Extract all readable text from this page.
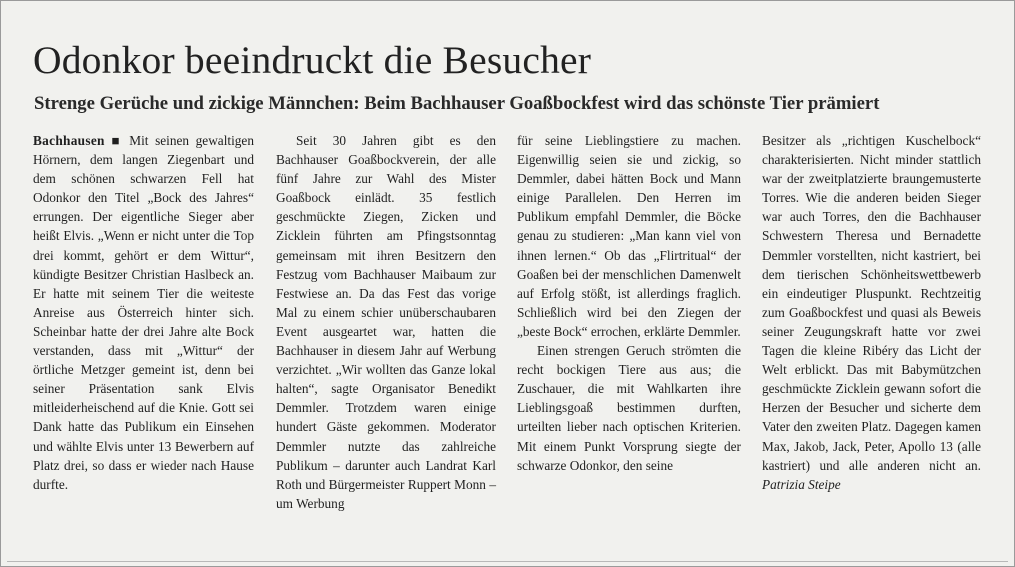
Odonkor beeindruckt die Besucher
Strenge Gerüche und zickige Männchen: Beim Bachhauser Goaßbockfest wird das schönste Tier prämiert

Bachhausen ■ Mit seinen gewaltigen Hörnern, dem langen Ziegenbart und dem schönen schwarzen Fell hat Odonkor den Titel „Bock des Jahres“ errungen. Der eigentliche Sieger aber heißt Elvis. „Wenn er nicht unter die Top drei kommt, gehört er dem Wittur“, kündigte Besitzer Christian Haslbeck an. Er hatte mit seinem Tier die weiteste Anreise aus Österreich hinter sich. Scheinbar hatte der drei Jahre alte Bock verstanden, dass mit „Wittur“ der örtliche Metzger gemeint ist, denn bei seiner Präsentation sank Elvis mitleiderheischend auf die Knie. Gott sei Dank hatte das Publikum ein Einsehen und wählte Elvis unter 13 Bewerbern auf Platz drei, so dass er wieder nach Hause durfte.

Seit 30 Jahren gibt es den Bachhauser Goaßbockverein, der alle fünf Jahre zur Wahl des Mister Goaßbock einlädt. 35 festlich geschmückte Ziegen, Zicken und Zicklein führten am Pfingstsonntag gemeinsam mit ihren Besitzern den Festzug vom Bachhauser Maibaum zur Festwiese an. Da das Fest das vorige Mal zu einem schier unüberschaubaren Event ausgeartet war, hatten die Bachhauser in diesem Jahr auf Werbung verzichtet. „Wir wollten das Ganze lokal halten“, sagte Organisator Benedikt Demmler. Trotzdem waren einige hundert Gäste gekommen. Moderator Demmler nutzte das zahlreiche Publikum – darunter auch Landrat Karl Roth und Bürgermeister Ruppert Monn – um Werbung

für seine Lieblingstiere zu machen. Eigenwillig seien sie und zickig, so Demmler, dabei hätten Bock und Mann einige Parallelen. Den Herren im Publikum empfahl Demmler, die Böcke genau zu studieren: „Man kann viel von ihnen lernen.“ Ob das „Flirtritual“ der Goaßen bei der menschlichen Damenwelt auf Erfolg stößt, ist allerdings fraglich. Schließlich wird bei den Ziegen der „beste Bock“ errochen, erklärte Demmler.
Einen strengen Geruch strömten die recht bockigen Tiere aus aus; die Zuschauer, die mit Wahlkarten ihre Lieblingsgoaß bestimmen durften, urteilten lieber nach optischen Kriterien. Mit einem Punkt Vorsprung siegte der schwarze Odonkor, den seine

Besitzer als „richtigen Kuschelbock“ charakterisierten. Nicht minder stattlich war der zweitplatzierte braungemusterte Torres. Wie die anderen beiden Sieger war auch Torres, den die Bachhauser Schwestern Theresa und Bernadette Demmler vorstellten, nicht kastriert, bei dem tierischen Schönheitswettbewerb ein eindeutiger Pluspunkt. Rechtzeitig zum Goaßbockfest und quasi als Beweis seiner Zeugungskraft hatte vor zwei Tagen die kleine Ribéry das Licht der Welt erblickt. Das mit Babymützchen geschmückte Zicklein gewann sofort die Herzen der Besucher und sicherte dem Vater den zweiten Platz. Dagegen kamen Max, Jakob, Jack, Peter, Apollo 13 (alle kastriert) und alle anderen nicht an. Patrizia Steipe
